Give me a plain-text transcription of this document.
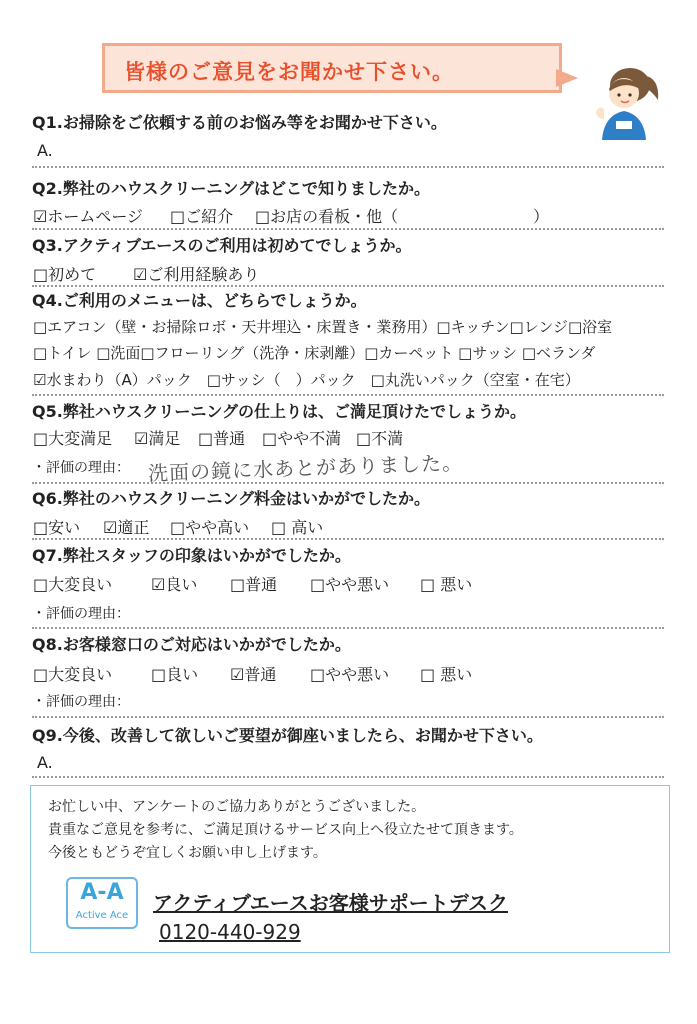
皆様のご意見をお聞かせ下さい。
Q1.お掃除をご依頼する前のお悩み等をお聞かせ下さい。
A.
Q2.弊社のハウスクリーニングはどこで知りましたか。
☑ホームページ □ご紹介 □お店の看板・他（	）
Q3.アクティブエースのご利用は初めてでしょうか。
□初めて ☑ご利用経験あり
Q4.ご利用のメニューは、どちらでしょうか。
□エアコン（壁・お掃除ロボ・天井埋込・床置き・業務用）□キッチン□レンジ□浴室
□トイレ □洗面□フローリング（洗浄・床剥離）□カーペット □サッシ □ベランダ
☑水まわり（A）パック　□サッシ（　）パック　□丸洗いパック（空室・在宅）
Q5.弊社ハウスクリーニングの仕上りは、ご満足頂けたでしょうか。
□大変満足 ☑満足 □普通 □やや不満 □不満
・評価の理由： 洗面の鏡に水あとがありました。
Q6.弊社のハウスクリーニング料金はいかがでしたか。
□安い ☑適正 □やや高い □ 高い
Q7.弊社スタッフの印象はいかがでしたか。
□大変良い ☑良い □普通 □やや悪い □ 悪い
・評価の理由：
Q8.お客様窓口のご対応はいかがでしたか。
□大変良い □良い ☑普通 □やや悪い □ 悪い
・評価の理由：
Q9.今後、改善して欲しいご要望が御座いましたら、お聞かせ下さい。
A.
お忙しい中、アンケートのご協力ありがとうございました。
貴重なご意見を参考に、ご満足頂けるサービス向上へ役立たせて頂きます。
今後ともどうぞ宜しくお願い申し上げます。
A-A
Active Ace
アクティブエースお客様サポートデスク
0120-440-929
